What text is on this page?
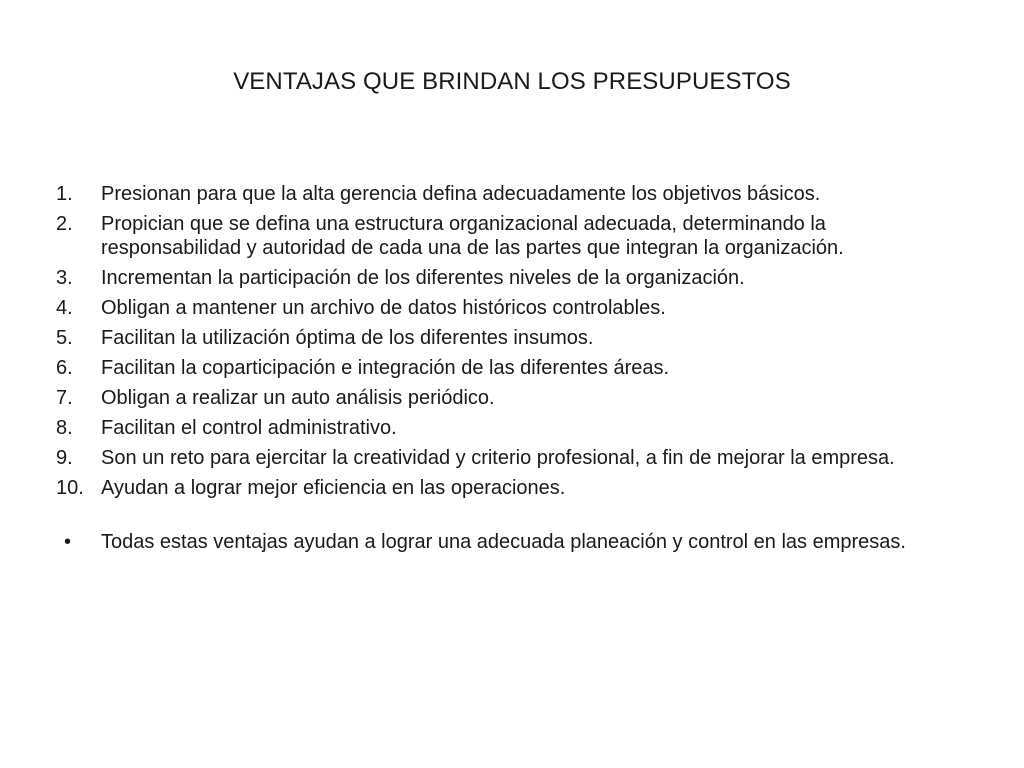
VENTAJAS QUE BRINDAN LOS PRESUPUESTOS
1. Presionan para que la alta gerencia defina adecuadamente los objetivos básicos.
2. Propician que se defina una estructura organizacional adecuada, determinando la responsabilidad y autoridad de cada una de las partes que integran la organización.
3. Incrementan la participación de los diferentes niveles de la organización.
4. Obligan a mantener un archivo de datos históricos controlables.
5. Facilitan la utilización óptima de los diferentes insumos.
6. Facilitan la coparticipación e integración de las diferentes áreas.
7. Obligan a realizar un auto análisis periódico.
8. Facilitan el control administrativo.
9. Son un reto para ejercitar la creatividad y criterio profesional, a fin de mejorar la empresa.
10. Ayudan a lograr mejor eficiencia en las operaciones.
• Todas estas ventajas ayudan a lograr una adecuada planeación y control en las empresas.
